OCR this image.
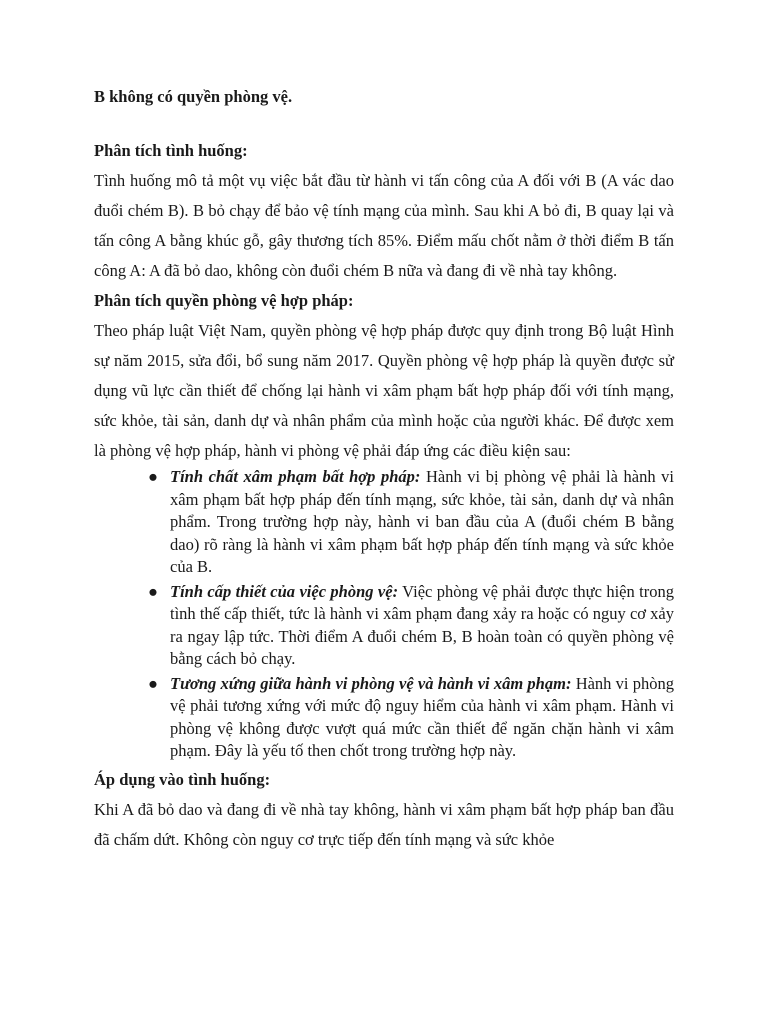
B không có quyền phòng vệ.

Phân tích tình huống:

Tình huống mô tả một vụ việc bắt đầu từ hành vi tấn công của A đối với B (A vác dao đuổi chém B). B bỏ chạy để bảo vệ tính mạng của mình. Sau khi A bỏ đi, B quay lại và tấn công A bằng khúc gỗ, gây thương tích 85%. Điểm mấu chốt nằm ở thời điểm B tấn công A: A đã bỏ dao, không còn đuổi chém B nữa và đang đi về nhà tay không.

Phân tích quyền phòng vệ hợp pháp:

Theo pháp luật Việt Nam, quyền phòng vệ hợp pháp được quy định trong Bộ luật Hình sự năm 2015, sửa đổi, bổ sung năm 2017. Quyền phòng vệ hợp pháp là quyền được sử dụng vũ lực cần thiết để chống lại hành vi xâm phạm bất hợp pháp đối với tính mạng, sức khỏe, tài sản, danh dự và nhân phẩm của mình hoặc của người khác. Để được xem là phòng vệ hợp pháp, hành vi phòng vệ phải đáp ứng các điều kiện sau:

● Tính chất xâm phạm bất hợp pháp: Hành vi bị phòng vệ phải là hành vi xâm phạm bất hợp pháp đến tính mạng, sức khỏe, tài sản, danh dự và nhân phẩm. Trong trường hợp này, hành vi ban đầu của A (đuổi chém B bằng dao) rõ ràng là hành vi xâm phạm bất hợp pháp đến tính mạng và sức khỏe của B.
● Tính cấp thiết của việc phòng vệ: Việc phòng vệ phải được thực hiện trong tình thế cấp thiết, tức là hành vi xâm phạm đang xảy ra hoặc có nguy cơ xảy ra ngay lập tức. Thời điểm A đuổi chém B, B hoàn toàn có quyền phòng vệ bằng cách bỏ chạy.
● Tương xứng giữa hành vi phòng vệ và hành vi xâm phạm: Hành vi phòng vệ phải tương xứng với mức độ nguy hiểm của hành vi xâm phạm. Hành vi phòng vệ không được vượt quá mức cần thiết để ngăn chặn hành vi xâm phạm. Đây là yếu tố then chốt trong trường hợp này.

Áp dụng vào tình huống:

Khi A đã bỏ dao và đang đi về nhà tay không, hành vi xâm phạm bất hợp pháp ban đầu đã chấm dứt. Không còn nguy cơ trực tiếp đến tính mạng và sức khỏe
